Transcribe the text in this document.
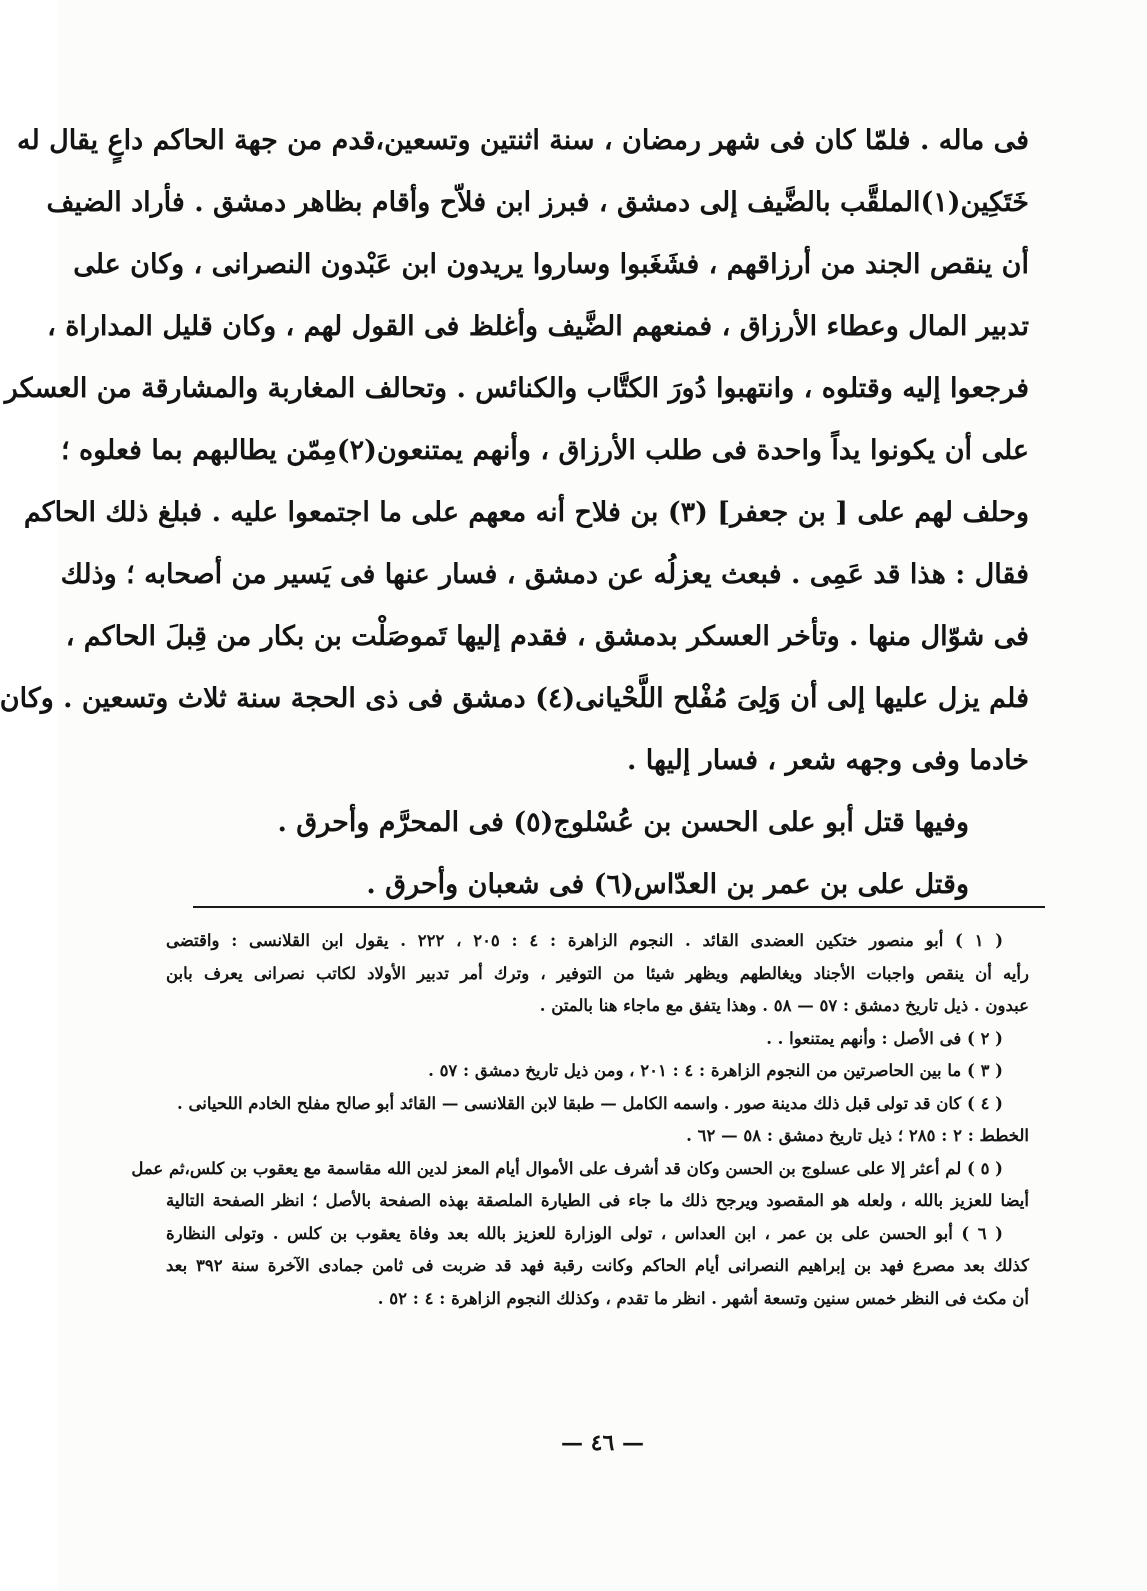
فى ماله . فلمّا كان فى شهر رمضان ، سنة اثنتين وتسعين،قدم من جهة الحاكم داعٍ يقال له
خَتَكِين(١)الملقَّب بالضَّيف إلى دمشق ، فبرز ابن فلاّح وأقام بظاهر دمشق . فأراد الضيف
أن ينقص الجند من أرزاقهم ، فشَغَبوا وساروا يريدون ابن عَبْدون النصرانى ، وكان على
تدبير المال وعطاء الأرزاق ، فمنعهم الضَّيف وأغلظ فى القول لهم ، وكان قليل المداراة ،
فرجعوا إليه وقتلوه ، وانتهبوا دُورَ الكتَّاب والكنائس . وتحالف المغاربة والمشارقة من العسكر
على أن يكونوا يداً واحدة فى طلب الأرزاق ، وأنهم يمتنعون(٢)مِمّن يطالبهم بما فعلوه ؛
وحلف لهم على [ بن جعفر] (٣) بن فلاح أنه معهم على ما اجتمعوا عليه . فبلغ ذلك الحاكم
فقال : هذا قد عَمِى . فبعث يعزلُه عن دمشق ، فسار عنها فى يَسير من أصحابه ؛ وذلك
فى شوّال منها . وتأخر العسكر بدمشق ، فقدم إليها تَموصَلْت بن بكار من قِبلَ الحاكم ،
فلم يزل عليها إلى أن وَلِىَ مُفْلح اللَّحْيانى(٤) دمشق فى ذى الحجة سنة ثلاث وتسعين . وكان
خادما وفى وجهه شعر ، فسار إليها .
وفيها قتل أبو على الحسن بن عُسْلوج(٥) فى المحرَّم وأحرق .
وقتل على بن عمر بن العدّاس(٦) فى شعبان وأحرق .
( ١ ) أبو منصور ختكين العضدى القائد . النجوم الزاهرة : ٤ : ٢٠٥ ، ٢٢٢ . يقول ابن القلانسى : واقتضى
رأيه أن ينقص واجبات الأجناد ويغالطهم ويظهر شيئا من التوفير ، وترك أمر تدبير الأولاد لكاتب نصرانى يعرف بابن
عبدون . ذيل تاريخ دمشق : ٥٧ — ٥٨ . وهذا يتفق مع ماجاء هنا بالمتن .
( ٢ ) فى الأصل : وأنهم يمتنعوا . .
( ٣ ) ما بين الحاصرتين من النجوم الزاهرة : ٤ : ٢٠١ ، ومن ذيل تاريخ دمشق : ٥٧ .
( ٤ ) كان قد تولى قبل ذلك مدينة صور . واسمه الكامل — طبقا لابن القلانسى — القائد أبو صالح مفلح الخادم اللحيانى .
الخطط : ٢ : ٢٨٥ ؛ ذيل تاريخ دمشق : ٥٨ — ٦٢ .
( ٥ ) لم أعثر إلا على عسلوج بن الحسن وكان قد أشرف على الأموال أيام المعز لدين الله مقاسمة مع يعقوب بن كلس،ثم عمل
أيضا للعزيز بالله ، ولعله هو المقصود ويرجح ذلك ما جاء فى الطيارة الملصقة بهذه الصفحة بالأصل ؛ انظر الصفحة التالية
( ٦ ) أبو الحسن على بن عمر ، ابن العداس ، تولى الوزارة للعزيز بالله بعد وفاة يعقوب بن كلس . وتولى النظارة
كذلك بعد مصرع فهد بن إبراهيم النصرانى أيام الحاكم وكانت رقبة فهد قد ضربت فى ثامن جمادى الآخرة سنة ٣٩٢ بعد
أن مكث فى النظر خمس سنين وتسعة أشهر . انظر ما تقدم ، وكذلك النجوم الزاهرة : ٤ : ٥٢ .
— ٤٦ —
